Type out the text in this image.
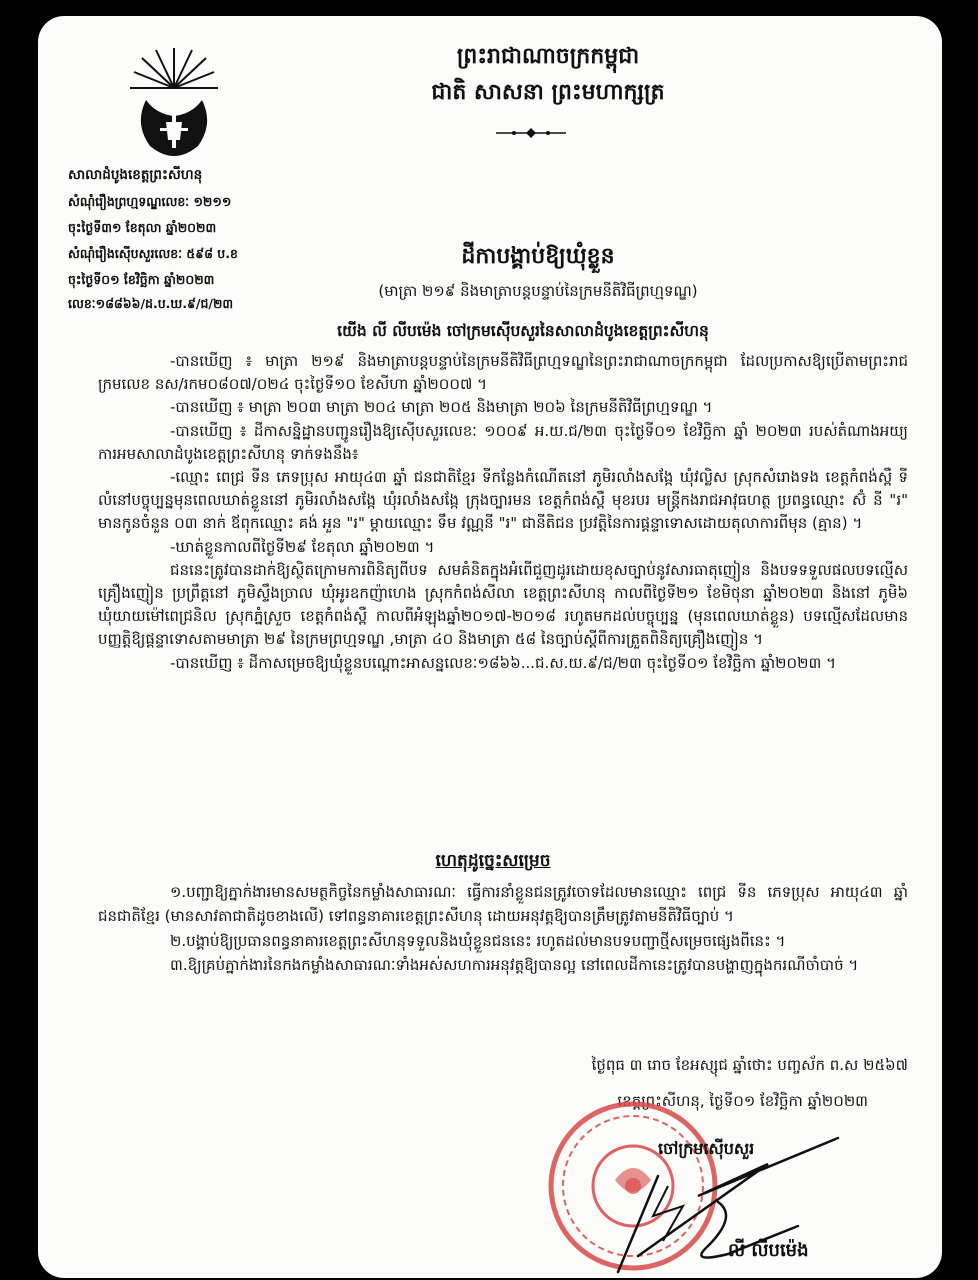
ព្រះរាជាណាចក្រកម្ពុជា
ជាតិ សាសនា ព្រះមហាក្សត្រ
សាលាដំបូងខេត្តព្រះសីហនុ
សំណុំរឿងព្រហ្មទណ្ឌលេខៈ ១២១១
ចុះថ្ងៃទី៣១ ខែតុលា ឆ្នាំ២០២៣
សំណុំរឿងស៊ើបសួរលេខៈ ៥៩៨ ប.ខ
ចុះថ្ងៃទី០១ ខែវិច្ឆិកា ឆ្នាំ២០២៣
លេខៈ១៨៨៦៦/ដ.ប.ឃ.៩/ជ/២៣
ដីកាបង្គាប់ឱ្យឃុំខ្លួន
(មាត្រា ២១៩ និងមាត្រាបន្តបន្ទាប់នៃក្រមនីតិវិធីព្រហ្មទណ្ឌ)
យើង លី លីបម៉េង ចៅក្រមស៊ើបសួរនៃសាលាដំបូងខេត្តព្រះសីហនុ

-បានឃើញ ៖ មាត្រា ២១៩ និងមាត្រាបន្តបន្ទាប់នៃក្រមនីតិវិធីព្រហ្មទណ្ឌនៃព្រះរាជាណាចក្រកម្ពុជា ដែលប្រកាសឱ្យប្រើតាមព្រះរាជក្រមលេខ នស/រកម០៨០៧/០២៤ ចុះថ្ងៃទី១០ ខែសីហា ឆ្នាំ២០០៧ ។

-បានឃើញ ៖ មាត្រា ២០៣ មាត្រា ២០៤ មាត្រា ២០៥ និងមាត្រា ២០៦ នៃក្រមនីតិវិធីព្រហ្មទណ្ឌ ។

-បានឃើញ ៖ ដីកាសន្និដ្ឋានបញ្ជូនរឿងឱ្យស៊ើបសួរលេខៈ ១០០៩ អ.យ.ជ/២៣ ចុះថ្ងៃទី០១ ខែវិច្ឆិកា ឆ្នាំ ២០២៣ របស់តំណាងអយ្យការអមសាលាដំបូងខេត្តព្រះសីហនុ ទាក់ទងនឹង៖

-ឈ្មោះ ពេជ្រ ទីន ភេទប្រុស អាយុ៤៣ ឆ្នាំ ជនជាតិខ្មែរ ទីកន្លែងកំណើតនៅ ភូមិរលាំងសង្កែ ឃុំវល្លិស ស្រុកសំរោងទង ខេត្តកំពង់ស្ពឺ ទីលំនៅបច្ចុប្បន្នមុនពេលឃាត់ខ្លួននៅ ភូមិរលាំងសង្កែ ឃុំរលាំងសង្កែ ក្រុងច្បារមន ខេត្តកំពង់ស្ពឺ មុខរបរ មន្ត្រីកងរាជអាវុធហត្ថ ប្រពន្ធឈ្មោះ ស៊ំ នី "រ" មានកូនចំនួន ០៣ នាក់ ឪពុកឈ្មោះ គង់ អួន "រ" ម្តាយឈ្មោះ ទឹម វណ្ណនី "រ" ជានីតិជន ប្រវត្តិនៃការផ្តន្ទាទោសដោយតុលាការពីមុន (គ្មាន) ។

-ឃាត់ខ្លួនកាលពីថ្ងៃទី២៩ ខែតុលា ឆ្នាំ២០២៣ ។

ជននេះត្រូវបានដាក់ឱ្យស្ថិតក្រោមការពិនិត្យពីបទ សមគំនិតក្នុងអំពើជួញដូរដោយខុសច្បាប់នូវសារធាតុញៀន និងបទទទួលផលបទល្មើសគ្រឿងញៀន ប្រព្រឹត្តនៅ ភូមិស្ទឹងច្រាល ឃុំអូរឧកញ៉ាហេង ស្រុកកំពង់សីលា ខេត្តព្រះសីហនុ កាលពីថ្ងៃទី២១ ខែមិថុនា ឆ្នាំ២០២៣ និងនៅ ភូមិ៦ ឃុំយាយម៉ៅពេជ្រនិល ស្រុកភ្នំស្រួច ខេត្តកំពង់ស្ពឺ កាលពីអំឡុងឆ្នាំ២០១៧-២០១៨ រហូតមកដល់បច្ចុប្បន្ន (មុនពេលឃាត់ខ្លួន) បទល្មើសដែលមានបញ្ញត្តិឱ្យផ្តន្ទាទោសតាមមាត្រា ២៩ នៃក្រមព្រហ្មទណ្ឌ ,មាត្រា ៤០ និងមាត្រា ៥៨ នៃច្បាប់ស្តីពីការត្រួតពិនិត្យគ្រឿងញៀន ។

-បានឃើញ ៖ ដីកាសម្រេចឱ្យឃុំខ្លួនបណ្តោះអាសន្នលេខៈ១៨៦៦...ជ.ស.យ.៩/ជ/២៣ ចុះថ្ងៃទី០១ ខែវិច្ឆិកា ឆ្នាំ២០២៣ ។

ហេតុដូច្នេះសម្រេច

១.បញ្ជាឱ្យភ្នាក់ងារមានសមត្ថកិច្ចនៃកម្លាំងសាធារណៈ ធ្វើការនាំខ្លួនជនត្រូវចោទដែលមានឈ្មោះ ពេជ្រ ទីន ភេទប្រុស អាយុ៤៣ ឆ្នាំ ជនជាតិខ្មែរ (មានសាវតាជាតិដូចខាងលើ) ទៅពន្ធនាគារខេត្តព្រះសីហនុ ដោយអនុវត្តឱ្យបានត្រឹមត្រូវតាមនីតិវិធីច្បាប់ ។

២.បង្គាប់ឱ្យប្រធានពន្ធនាគារខេត្តព្រះសីហនុទទួលនិងឃុំខ្លួនជននេះ រហូតដល់មានបទបញ្ជាថ្មីសម្រេចផ្សេងពីនេះ ។

៣.ឱ្យគ្រប់ភ្នាក់ងារនៃកងកម្លាំងសាធារណៈទាំងអស់សហការអនុវត្តឱ្យបានល្អ នៅពេលដីកានេះត្រូវបានបង្ហាញក្នុងករណីចាំបាច់ ។

ថ្ងៃពុធ ៣ រោច ខែអស្សុជ ឆ្នាំថោះ បញ្ចស័ក ព.ស ២៥៦៧
ខេត្តព្រះសីហនុ, ថ្ងៃទី០១ ខែវិច្ឆិកា ឆ្នាំ២០២៣
ចៅក្រមស៊ើបសួរ
លី លីបម៉េង
